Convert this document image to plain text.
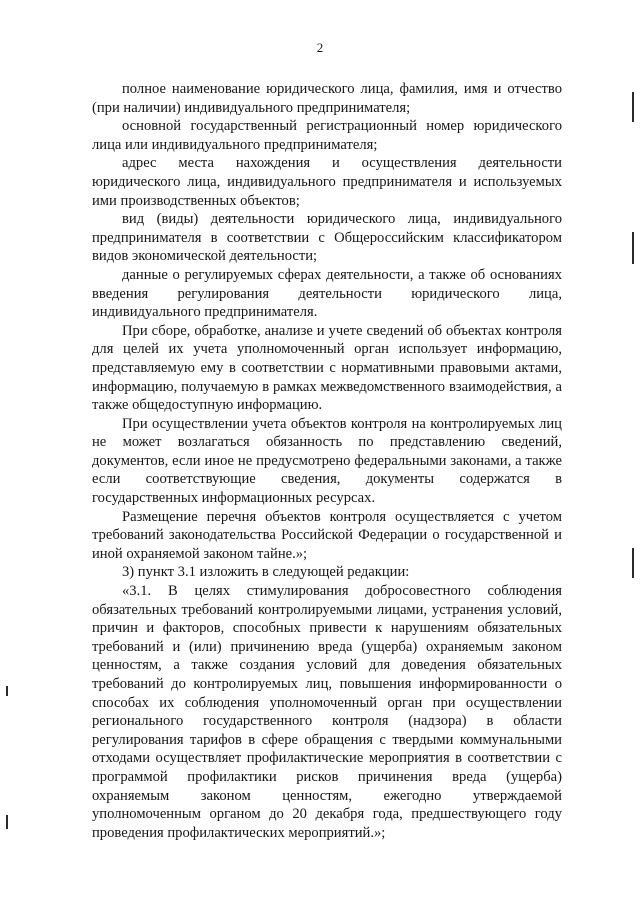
2

полное наименование юридического лица, фамилия, имя и отчество (при наличии) индивидуального предпринимателя;

основной государственный регистрационный номер юридического лица или индивидуального предпринимателя;

адрес места нахождения и осуществления деятельности юридического лица, индивидуального предпринимателя и используемых ими производственных объектов;

вид (виды) деятельности юридического лица, индивидуального предпринимателя в соответствии с Общероссийским классификатором видов экономической деятельности;

данные о регулируемых сферах деятельности, а также об основаниях введения регулирования деятельности юридического лица, индивидуального предпринимателя.

При сборе, обработке, анализе и учете сведений об объектах контроля для целей их учета уполномоченный орган использует информацию, представляемую ему в соответствии с нормативными правовыми актами, информацию, получаемую в рамках межведомственного взаимодействия, а также общедоступную информацию.

При осуществлении учета объектов контроля на контролируемых лиц не может возлагаться обязанность по представлению сведений, документов, если иное не предусмотрено федеральными законами, а также если соответствующие сведения, документы содержатся в государственных информационных ресурсах.

Размещение перечня объектов контроля осуществляется с учетом требований законодательства Российской Федерации о государственной и иной охраняемой законом тайне.»;

3) пункт 3.1 изложить в следующей редакции:

«3.1. В целях стимулирования добросовестного соблюдения обязательных требований контролируемыми лицами, устранения условий, причин и факторов, способных привести к нарушениям обязательных требований и (или) причинению вреда (ущерба) охраняемым законом ценностям, а также создания условий для доведения обязательных требований до контролируемых лиц, повышения информированности о способах их соблюдения уполномоченный орган при осуществлении регионального государственного контроля (надзора) в области регулирования тарифов в сфере обращения с твердыми коммунальными отходами осуществляет профилактические мероприятия в соответствии с программой профилактики рисков причинения вреда (ущерба) охраняемым законом ценностям, ежегодно утверждаемой уполномоченным органом до 20 декабря года, предшествующего году проведения профилактических мероприятий.»;
